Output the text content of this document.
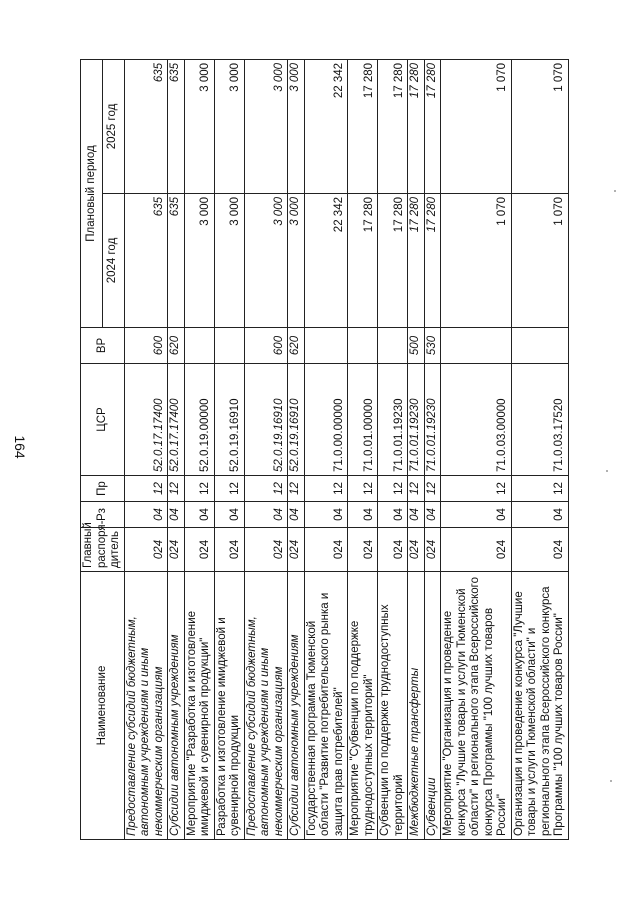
164
Наименование	Главный распоря-дитель	Рз	Пр	ЦСР	ВР	Плановый период	
						2024 год	2025 год
Предоставление субсидий бюджетным, автономным учреждениям и иным некоммерческим организациям	024	04	12	52.0.17.17400	600	635	635
Субсидии автономным учреждениям	024	04	12	52.0.17.17400	620	635	635
Мероприятие "Разработка и изготовление имиджевой и сувенирной продукции"	024	04	12	52.0.19.00000		3 000	3 000
Разработка и изготовление имиджевой и сувенирной продукции	024	04	12	52.0.19.16910		3 000	3 000
Предоставление субсидий бюджетным, автономным учреждениям и иным некоммерческим организациям	024	04	12	52.0.19.16910	600	3 000	3 000
Субсидии автономным учреждениям	024	04	12	52.0.19.16910	620	3 000	3 000
Государственная программа Тюменской области "Развитие потребительского рынка и защита прав потребителей"	024	04	12	71.0.00.00000		22 342	22 342
Мероприятие "Субвенции по поддержке труднодоступных территорий"	024	04	12	71.0.01.00000		17 280	17 280
Субвенции по поддержке труднодоступных территорий	024	04	12	71.0.01.19230		17 280	17 280
Межбюджетные трансферты	024	04	12	71.0.01.19230	500	17 280	17 280
Субвенции	024	04	12	71.0.01.19230	530	17 280	17 280
Мероприятие "Организация и проведение конкурса "Лучшие товары и услуги Тюменской области" и регионального этапа Всероссийского конкурса Программы "100 лучших товаров России"	024	04	12	71.0.03.00000		1 070	1 070
Организация и проведение конкурса "Лучшие товары и услуги Тюменской области" и регионального этапа Всероссийского конкурса Программы "100 лучших товаров России"	024	04	12	71.0.03.17520		1 070	1 070
